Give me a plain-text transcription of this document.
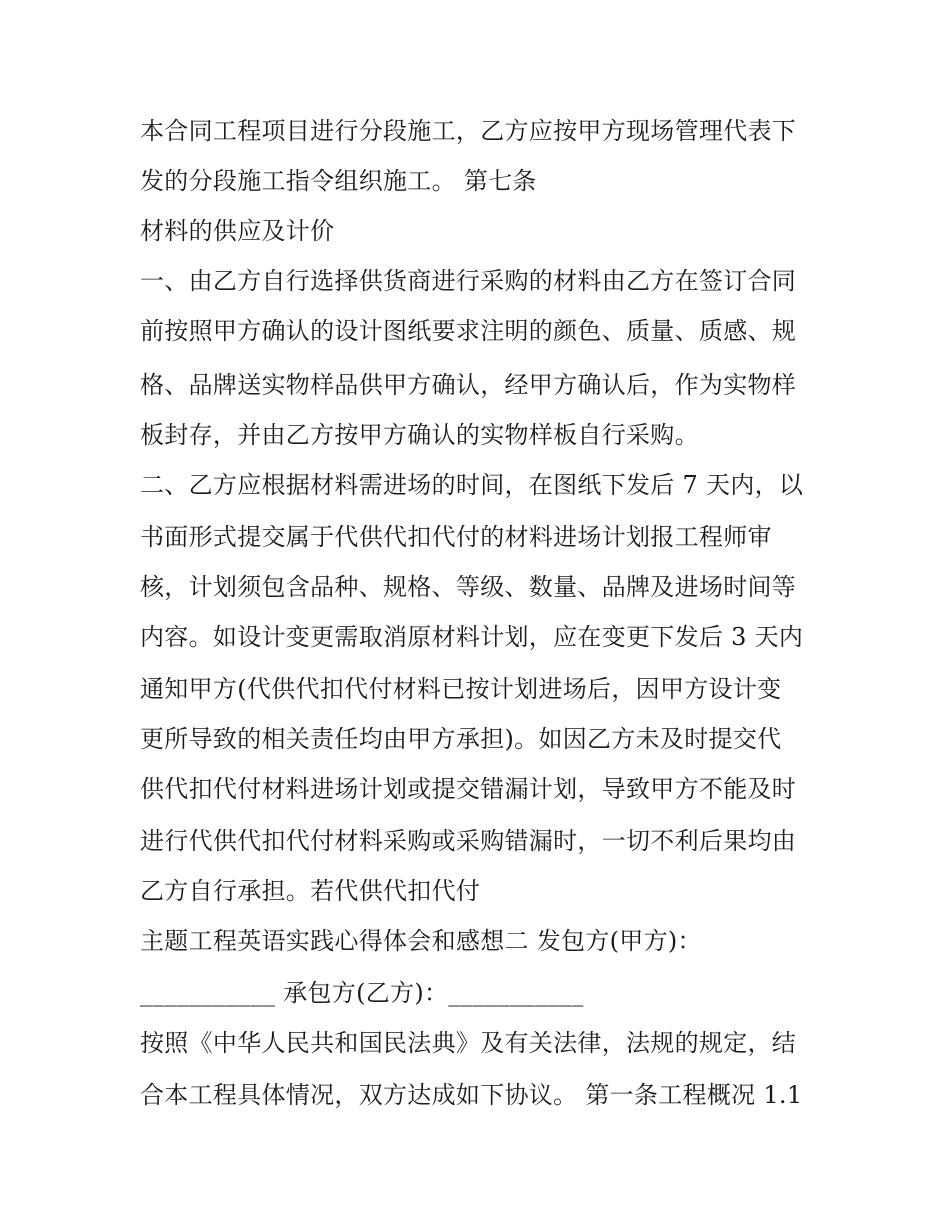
本合同工程项目进行分段施工，乙方应按甲方现场管理代表下
发的分段施工指令组织施工。 第七条
材料的供应及计价
一、由乙方自行选择供货商进行采购的材料由乙方在签订合同
前按照甲方确认的设计图纸要求注明的颜色、质量、质感、规
格、品牌送实物样品供甲方确认，经甲方确认后，作为实物样
板封存，并由乙方按甲方确认的实物样板自行采购。
二、乙方应根据材料需进场的时间，在图纸下发后 7 天内，以
书面形式提交属于代供代扣代付的材料进场计划报工程师审
核，计划须包含品种、规格、等级、数量、品牌及进场时间等
内容。如设计变更需取消原材料计划，应在变更下发后 3 天内
通知甲方(代供代扣代付材料已按计划进场后，因甲方设计变
更所导致的相关责任均由甲方承担)。如因乙方未及时提交代
供代扣代付材料进场计划或提交错漏计划，导致甲方不能及时
进行代供代扣代付材料采购或采购错漏时，一切不利后果均由
乙方自行承担。若代供代扣代付
主题工程英语实践心得体会和感想二 发包方(甲方)：
___________ 承包方(乙方)：___________
按照《中华人民共和国民法典》及有关法律，法规的规定，结
合本工程具体情况，双方达成如下协议。 第一条工程概况 1.1
